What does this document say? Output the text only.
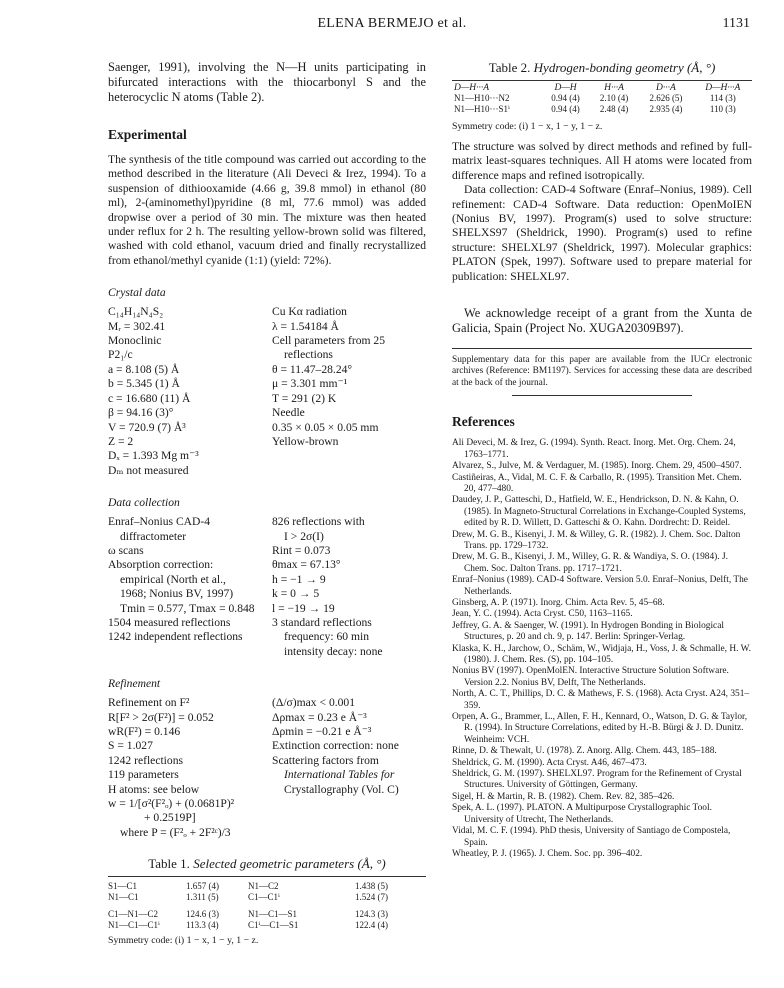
ELENA BERMEJO et al.	1131

Saenger, 1991), involving the N—H units participating in bifurcated interactions with the thiocarbonyl S and the heterocyclic N atoms (Table 2).

Experimental

The synthesis of the title compound was carried out according to the method described in the literature (Ali Deveci & Irez, 1994). To a suspension of dithiooxamide (4.66 g, 39.8 mmol) in ethanol (80 ml), 2-(aminomethyl)pyridine (8 ml, 77.6 mmol) was added dropwise over a period of 30 min. The mixture was then heated under reflux for 2 h. The resulting yellow-brown solid was filtered, washed with cold ethanol, vacuum dried and finally recrystallized from ethanol/methyl cyanide (1:1) (yield: 72%).

Crystal data
C₁₄H₁₄N₄S₂
Mᵣ = 302.41
Monoclinic
P2₁/c
a = 8.108 (5) Å
b = 5.345 (1) Å
c = 16.680 (11) Å
β = 94.16 (3)°
V = 720.9 (7) Å³
Z = 2
Dₓ = 1.393 Mg m⁻³
Dₘ not measured
Cu Kα radiation
λ = 1.54184 Å
Cell parameters from 25
reflections
θ = 11.47–28.24°
μ = 3.301 mm⁻¹
T = 291 (2) K
Needle
0.35 × 0.05 × 0.05 mm
Yellow-brown
Data collection
Enraf–Nonius CAD-4
diffractometer
ω scans
Absorption correction:
empirical (North et al.,
1968; Nonius BV, 1997)
Tmin = 0.577, Tmax = 0.848
1504 measured reflections
1242 independent reflections
826 reflections with
I > 2σ(I)
Rint = 0.073
θmax = 67.13°
h = −1 → 9
k = 0 → 5
l = −19 → 19
3 standard reflections
frequency: 60 min
intensity decay: none
Refinement
Refinement on F²
R[F² > 2σ(F²)] = 0.052
wR(F²) = 0.146
S = 1.027
1242 reflections
119 parameters
H atoms: see below
w = 1/[σ²(F²ₒ) + (0.0681P)²
+ 0.2519P]
where P = (F²ₒ + 2F²ᶜ)/3
(Δ/σ)max < 0.001
Δρmax = 0.23 e Å⁻³
Δρmin = −0.21 e Å⁻³
Extinction correction: none
Scattering factors from
International Tables for
Crystallography (Vol. C)
Table 1. Selected geometric parameters (Å, °)
S1—C1	1.657 (4)	N1—C2	1.438 (5)
N1—C1	1.311 (5)	C1—C1ⁱ	1.524 (7)
C1—N1—C2	124.6 (3)	N1—C1—S1	124.3 (3)
N1—C1—C1ⁱ	113.3 (4)	C1ⁱ—C1—S1	122.4 (4)
Symmetry code: (i) 1 − x, 1 − y, 1 − z.
Table 2. Hydrogen-bonding geometry (Å, °)
D—H···A	D—H	H···A	D···A	D—H···A
N1—H10···N2	0.94 (4)	2.10 (4)	2.626 (5)	114 (3)
N1—H10···S1ⁱ	0.94 (4)	2.48 (4)	2.935 (4)	110 (3)
Symmetry code: (i) 1 − x, 1 − y, 1 − z.

The structure was solved by direct methods and refined by full-matrix least-squares techniques. All H atoms were located from difference maps and refined isotropically.

Data collection: CAD-4 Software (Enraf–Nonius, 1989). Cell refinement: CAD-4 Software. Data reduction: OpenMoIEN (Nonius BV, 1997). Program(s) used to solve structure: SHELXS97 (Sheldrick, 1990). Program(s) used to refine structure: SHELXL97 (Sheldrick, 1997). Molecular graphics: PLATON (Spek, 1997). Software used to prepare material for publication: SHELXL97.

We acknowledge receipt of a grant from the Xunta de Galicia, Spain (Project No. XUGA20309B97).

Supplementary data for this paper are available from the IUCr electronic archives (Reference: BM1197). Services for accessing these data are described at the back of the journal.

References

Ali Deveci, M. & Irez, G. (1994). Synth. React. Inorg. Met. Org. Chem. 24, 1763–1771.

Alvarez, S., Julve, M. & Verdaguer, M. (1985). Inorg. Chem. 29, 4500–4507.

Castiñeiras, A., Vidal, M. C. F. & Carballo, R. (1995). Transition Met. Chem. 20, 477–480.

Daudey, J. P., Gatteschi, D., Hatfield, W. E., Hendrickson, D. N. & Kahn, O. (1985). In Magneto-Structural Correlations in Exchange-Coupled Systems, edited by R. D. Willett, D. Gatteschi & O. Kahn. Dordrecht: D. Reidel.

Drew, M. G. B., Kisenyi, J. M. & Willey, G. R. (1982). J. Chem. Soc. Dalton Trans. pp. 1729–1732.

Drew, M. G. B., Kisenyi, J. M., Willey, G. R. & Wandiya, S. O. (1984). J. Chem. Soc. Dalton Trans. pp. 1717–1721.

Enraf–Nonius (1989). CAD-4 Software. Version 5.0. Enraf–Nonius, Delft, The Netherlands.

Ginsberg, A. P. (1971). Inorg. Chim. Acta Rev. 5, 45–68.

Jean, Y. C. (1994). Acta Cryst. C50, 1163–1165.

Jeffrey, G. A. & Saenger, W. (1991). In Hydrogen Bonding in Biological Structures, p. 20 and ch. 9, p. 147. Berlin: Springer-Verlag.

Klaska, K. H., Jarchow, O., Schäm, W., Widjaja, H., Voss, J. & Schmalle, H. W. (1980). J. Chem. Res. (S), pp. 104–105.

Nonius BV (1997). OpenMolEN. Interactive Structure Solution Software. Version 2.2. Nonius BV, Delft, The Netherlands.

North, A. C. T., Phillips, D. C. & Mathews, F. S. (1968). Acta Cryst. A24, 351–359.

Orpen, A. G., Brammer, L., Allen, F. H., Kennard, O., Watson, D. G. & Taylor, R. (1994). In Structure Correlations, edited by H.-B. Bürgi & J. D. Dunitz. Weinheim: VCH.

Rinne, D. & Thewalt, U. (1978). Z. Anorg. Allg. Chem. 443, 185–188.

Sheldrick, G. M. (1990). Acta Cryst. A46, 467–473.

Sheldrick, G. M. (1997). SHELXL97. Program for the Refinement of Crystal Structures. University of Göttingen, Germany.

Sigel, H. & Martin, R. B. (1982). Chem. Rev. 82, 385–426.

Spek, A. L. (1997). PLATON. A Multipurpose Crystallographic Tool. University of Utrecht, The Netherlands.

Vidal, M. C. F. (1994). PhD thesis, University of Santiago de Compostela, Spain.

Wheatley, P. J. (1965). J. Chem. Soc. pp. 396–402.
